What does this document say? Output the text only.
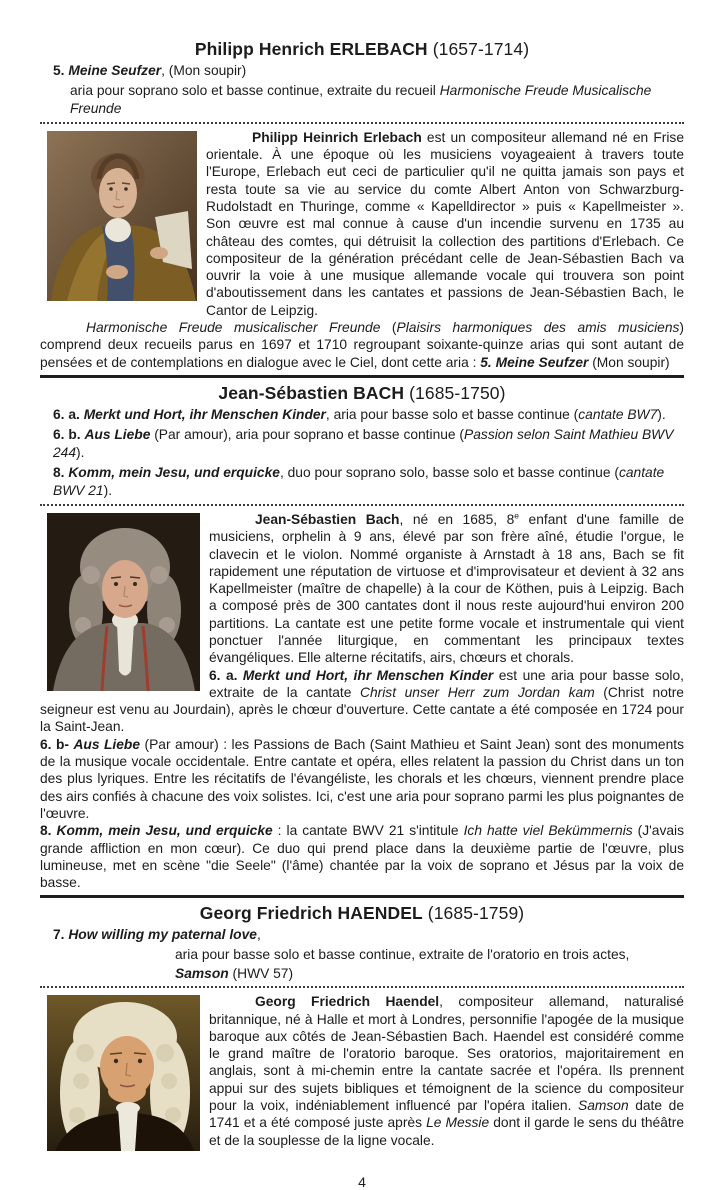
Philipp Henrich ERLEBACH (1657-1714)

5. Meine Seufzer, (Mon soupir)

aria pour soprano solo et basse continue, extraite du recueil Harmonische Freude Musicalische Freunde

Philipp Heinrich Erlebach est un compositeur allemand né en Frise orientale. À une époque où les musiciens voyageaient à travers toute l'Europe, Erlebach eut ceci de particulier qu'il ne quitta jamais son pays et resta toute sa vie au service du comte Albert Anton von Schwarzburg-Rudolstadt en Thuringe, comme « Kapelldirector » puis « Kapellmeister ». Son œuvre est mal connue à cause d'un incendie survenu en 1735 au château des comtes, qui détruisit la collection des partitions d'Erlebach. Ce compositeur de la génération précédant celle de Jean-Sébastien Bach va ouvrir la voie à une musique allemande vocale qui trouvera son point d'aboutissement dans les cantates et passions de Jean-Sébastien Bach, le Cantor de Leipzig.

Harmonische Freude musicalischer Freunde (Plaisirs harmoniques des amis musiciens) comprend deux recueils parus en 1697 et 1710 regroupant soixante-quinze arias qui sont autant de pensées et de contemplations en dialogue avec le Ciel, dont cette aria : 5. Meine Seufzer (Mon soupir)

Jean-Sébastien BACH (1685-1750)

6. a. Merkt und Hort, ihr Menschen Kinder, aria pour basse solo et basse continue (cantate BW7).

6. b. Aus Liebe (Par amour), aria pour soprano et basse continue (Passion selon Saint Mathieu BWV 244).

8. Komm, mein Jesu, und erquicke, duo pour soprano solo, basse solo et basse continue (cantate BWV 21).

Jean-Sébastien Bach, né en 1685, 8e enfant d'une famille de musiciens, orphelin à 9 ans, élevé par son frère aîné, étudie l'orgue, le clavecin et le violon. Nommé organiste à Arnstadt à 18 ans, Bach se fit rapidement une réputation de virtuose et d'improvisateur et devient à 32 ans Kapellmeister (maître de chapelle) à la cour de Köthen, puis à Leipzig. Bach a composé près de 300 cantates dont il nous reste aujourd'hui environ 200 partitions. La cantate est une petite forme vocale et instrumentale qui vient ponctuer l'année liturgique, en commentant les principaux textes évangéliques. Elle alterne récitatifs, airs, chœurs et chorals.

6. a. Merkt und Hort, ihr Menschen Kinder est une aria pour basse solo, extraite de la cantate Christ unser Herr zum Jordan kam (Christ notre seigneur est venu au Jourdain), après le chœur d'ouverture. Cette cantate a été composée en 1724 pour la Saint-Jean.

6. b- Aus Liebe (Par amour) : les Passions de Bach (Saint Mathieu et Saint Jean) sont des monuments de la musique vocale occidentale. Entre cantate et opéra, elles relatent la passion du Christ dans un ton des plus lyriques. Entre les récitatifs de l'évangéliste, les chorals et les chœurs, viennent prendre place des airs confiés à chacune des voix solistes. Ici, c'est une aria pour soprano parmi les plus poignantes de l'œuvre.

8. Komm, mein Jesu, und erquicke : la cantate BWV 21 s'intitule Ich hatte viel Bekümmernis (J'avais grande affliction en mon cœur). Ce duo qui prend place dans la deuxième partie de l'œuvre, plus lumineuse, met en scène "die Seele" (l'âme) chantée par la voix de soprano et Jésus par la voix de basse.

Georg Friedrich HAENDEL (1685-1759)

7. How willing my paternal love,

aria pour basse solo et basse continue, extraite de l'oratorio en trois actes, Samson (HWV 57)

Georg Friedrich Haendel, compositeur allemand, naturalisé britannique, né à Halle et mort à Londres, personnifie l'apogée de la musique baroque aux côtés de Jean-Sébastien Bach. Haendel est considéré comme le grand maître de l'oratorio baroque. Ses oratorios, majoritairement en anglais, sont à mi-chemin entre la cantate sacrée et l'opéra. Ils prennent appui sur des sujets bibliques et témoignent de la science du compositeur pour la voix, indéniablement influencé par l'opéra italien. Samson date de 1741 et a été composé juste après Le Messie dont il garde le sens du théâtre et de la souplesse de la ligne vocale.

4
